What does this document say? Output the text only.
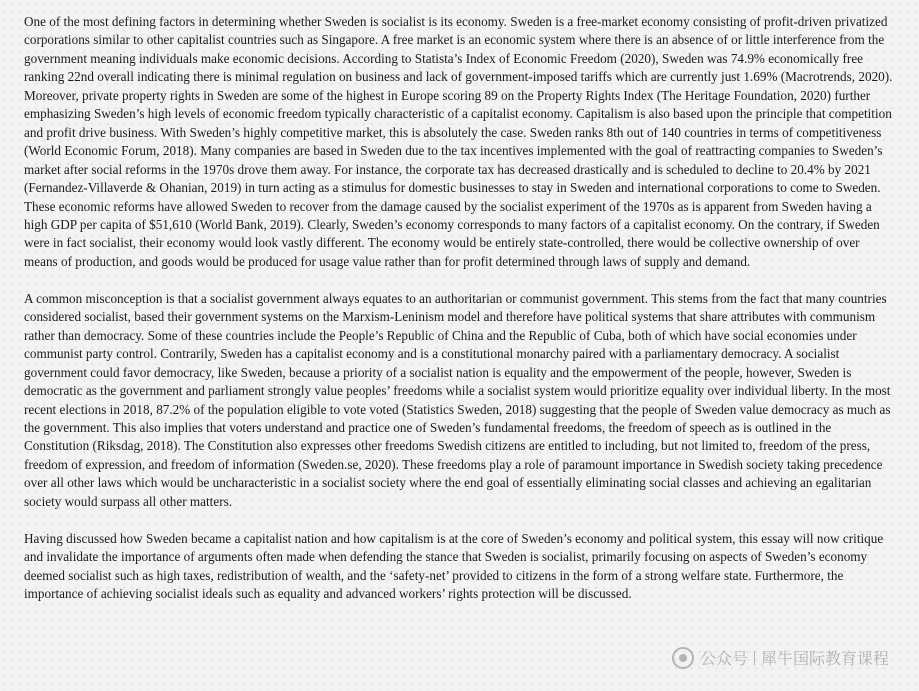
One of the most defining factors in determining whether Sweden is socialist is its economy. Sweden is a free-market economy consisting of profit-driven privatized corporations similar to other capitalist countries such as Singapore. A free market is an economic system where there is an absence of or little interference from the government meaning individuals make economic decisions. According to Statista’s Index of Economic Freedom (2020), Sweden was 74.9% economically free ranking 22nd overall indicating there is minimal regulation on business and lack of government-imposed tariffs which are currently just 1.69% (Macrotrends, 2020). Moreover, private property rights in Sweden are some of the highest in Europe scoring 89 on the Property Rights Index (The Heritage Foundation, 2020) further emphasizing Sweden’s high levels of economic freedom typically characteristic of a capitalist economy. Capitalism is also based upon the principle that competition and profit drive business. With Sweden’s highly competitive market, this is absolutely the case. Sweden ranks 8th out of 140 countries in terms of competitiveness (World Economic Forum, 2018). Many companies are based in Sweden due to the tax incentives implemented with the goal of reattracting companies to Sweden’s market after social reforms in the 1970s drove them away. For instance, the corporate tax has decreased drastically and is scheduled to decline to 20.4% by 2021 (Fernandez-Villaverde & Ohanian, 2019) in turn acting as a stimulus for domestic businesses to stay in Sweden and international corporations to come to Sweden. These economic reforms have allowed Sweden to recover from the damage caused by the socialist experiment of the 1970s as is apparent from Sweden having a high GDP per capita of $51,610 (World Bank, 2019). Clearly, Sweden’s economy corresponds to many factors of a capitalist economy. On the contrary, if Sweden were in fact socialist, their economy would look vastly different. The economy would be entirely state-controlled, there would be collective ownership of over means of production, and goods would be produced for usage value rather than for profit determined through laws of supply and demand.

A common misconception is that a socialist government always equates to an authoritarian or communist government. This stems from the fact that many countries considered socialist, based their government systems on the Marxism-Leninism model and therefore have political systems that share attributes with communism rather than democracy. Some of these countries include the People’s Republic of China and the Republic of Cuba, both of which have social economies under communist party control. Contrarily, Sweden has a capitalist economy and is a constitutional monarchy paired with a parliamentary democracy. A socialist government could favor democracy, like Sweden, because a priority of a socialist nation is equality and the empowerment of the people, however, Sweden is democratic as the government and parliament strongly value peoples’ freedoms while a socialist system would prioritize equality over individual liberty. In the most recent elections in 2018, 87.2% of the population eligible to vote voted (Statistics Sweden, 2018) suggesting that the people of Sweden value democracy as much as the government. This also implies that voters understand and practice one of Sweden’s fundamental freedoms, the freedom of speech as is outlined in the Constitution (Riksdag, 2018). The Constitution also expresses other freedoms Swedish citizens are entitled to including, but not limited to, freedom of the press, freedom of expression, and freedom of information (Sweden.se, 2020). These freedoms play a role of paramount importance in Swedish society taking precedence over all other laws which would be uncharacteristic in a socialist society where the end goal of essentially eliminating social classes and achieving an egalitarian society would surpass all other matters.

Having discussed how Sweden became a capitalist nation and how capitalism is at the core of Sweden’s economy and political system, this essay will now critique and invalidate the importance of arguments often made when defending the stance that Sweden is socialist, primarily focusing on aspects of Sweden’s economy deemed socialist such as high taxes, redistribution of wealth, and the ‘safety-net’ provided to citizens in the form of a strong welfare state. Furthermore, the importance of achieving socialist ideals such as equality and advanced workers’ rights protection will be discussed.

公众号 犀牛国际教育课程
